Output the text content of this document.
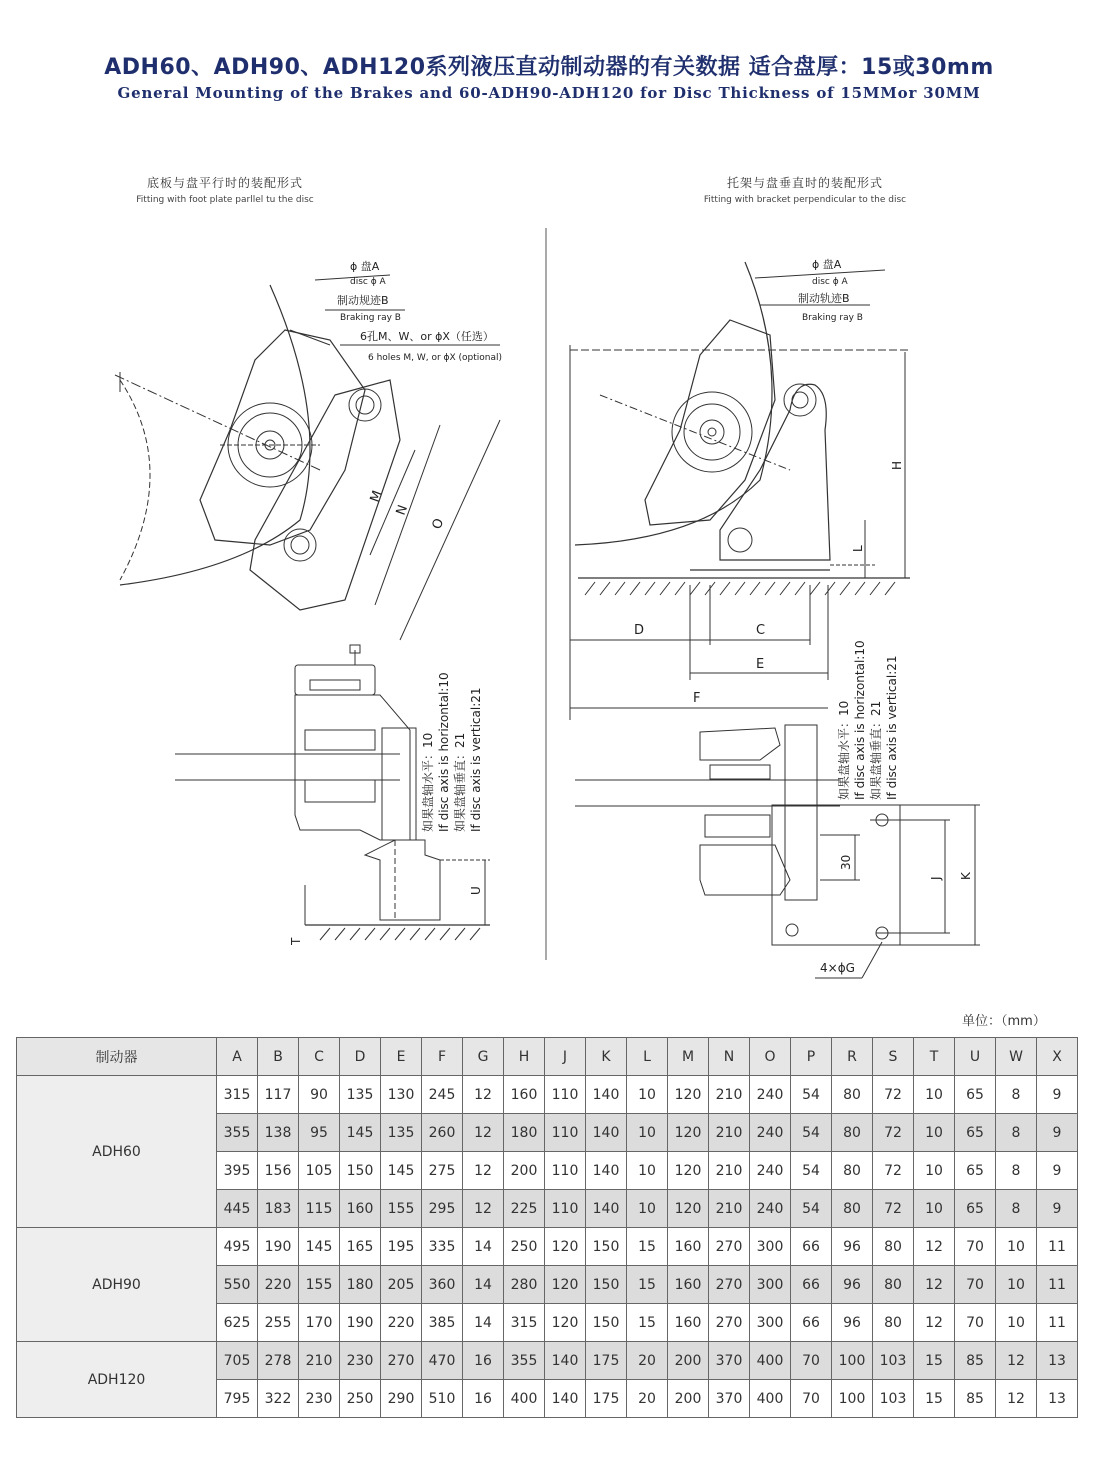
ADH60、ADH90、ADH120系列液压直动制动器的有关数据 适合盘厚：15或30mm
General Mounting of the Brakes and 60-ADH90-ADH120 for Disc Thickness of 15MMor 30MM
底板与盘平行时的装配形式
Fitting with foot plate parllel tu the disc
托架与盘垂直时的装配形式
Fitting with bracket perpendicular to the disc
M
N
O
ϕ 盘A
disc ϕ A
制动规迹B
Braking ray B
6孔M、W、or ϕX（任选）
6 holes M, W, or ϕX (optional)
U
T
如果盘轴水平：10 If disc axis is horizontal:10 如果盘轴垂直：21 If disc axis is vertical:21
H
L
D	C
E
F
ϕ 盘A
disc ϕ A
制动轨迹B
Braking ray B
30
J K
4×ϕG
如果盘轴水平：10 If disc axis is horizontal:10 如果盘轴垂直：21 If disc axis is vertical:21
单位：（mm）
制动器	A	B	C	D	E	F	G	H	J	K	L	M	N	O	P	R	S	T	U	W	X
ADH60	315	117	90	135	130	245	12	160	110	140	10	120	210	240	54	80	72	10	65	8	9
	355	138	95	145	135	260	12	180	110	140	10	120	210	240	54	80	72	10	65	8	9
	395	156	105	150	145	275	12	200	110	140	10	120	210	240	54	80	72	10	65	8	9
	445	183	115	160	155	295	12	225	110	140	10	120	210	240	54	80	72	10	65	8	9
ADH90	495	190	145	165	195	335	14	250	120	150	15	160	270	300	66	96	80	12	70	10	11
	550	220	155	180	205	360	14	280	120	150	15	160	270	300	66	96	80	12	70	10	11
	625	255	170	190	220	385	14	315	120	150	15	160	270	300	66	96	80	12	70	10	11
ADH120	705	278	210	230	270	470	16	355	140	175	20	200	370	400	70	100	103	15	85	12	13
	795	322	230	250	290	510	16	400	140	175	20	200	370	400	70	100	103	15	85	12	13
